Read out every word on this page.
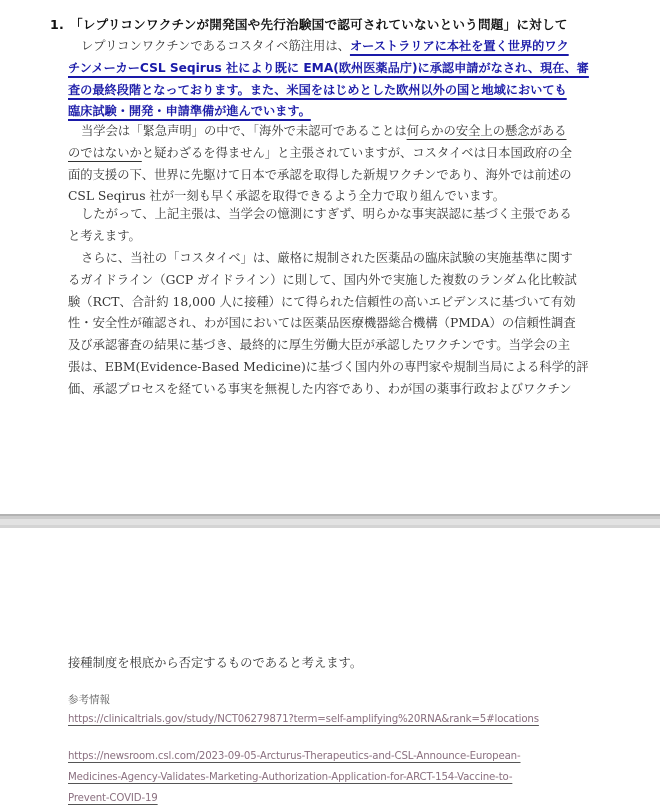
1. 「レプリコンワクチンが開発国や先行治験国で認可されていないという問題」に対して
レプリコンワクチンであるコスタイベ筋注用は、オーストラリアに本社を置く世界的ワク
チンメーカーCSL Seqirus 社により既に EMA(欧州医薬品庁)に承認申請がなされ、現在、審
査の最終段階となっております。また、米国をはじめとした欧州以外の国と地域においても
臨床試験・開発・申請準備が進んでいます。
当学会は「緊急声明」の中で、「海外で未認可であることは何らかの安全上の懸念がある
のではないかと疑わざるを得ません」と主張されていますが、コスタイベは日本国政府の全
面的支援の下、世界に先駆けて日本で承認を取得した新規ワクチンであり、海外では前述の
CSL Seqirus 社が一刻も早く承認を取得できるよう全力で取り組んでいます。
したがって、上記主張は、当学会の憶測にすぎず、明らかな事実誤認に基づく主張である
と考えます。
さらに、当社の「コスタイベ」は、厳格に規制された医薬品の臨床試験の実施基準に関す
るガイドライン（GCP ガイドライン）に則して、国内外で実施した複数のランダム化比較試
験（RCT、合計約 18,000 人に接種）にて得られた信頼性の高いエビデンスに基づいて有効
性・安全性が確認され、わが国においては医薬品医療機器総合機構（PMDA）の信頼性調査
及び承認審査の結果に基づき、最終的に厚生労働大臣が承認したワクチンです。当学会の主
張は、EBM(Evidence-Based Medicine)に基づく国内外の専門家や規制当局による科学的評
価、承認プロセスを経ている事実を無視した内容であり、わが国の薬事行政およびワクチン
接種制度を根底から否定するものであると考えます。
参考情報
https://clinicaltrials.gov/study/NCT06279871?term=self-amplifying%20RNA&rank=5#locations
https://newsroom.csl.com/2023-09-05-Arcturus-Therapeutics-and-CSL-Announce-European-
Medicines-Agency-Validates-Marketing-Authorization-Application-for-ARCT-154-Vaccine-to-
Prevent-COVID-19
